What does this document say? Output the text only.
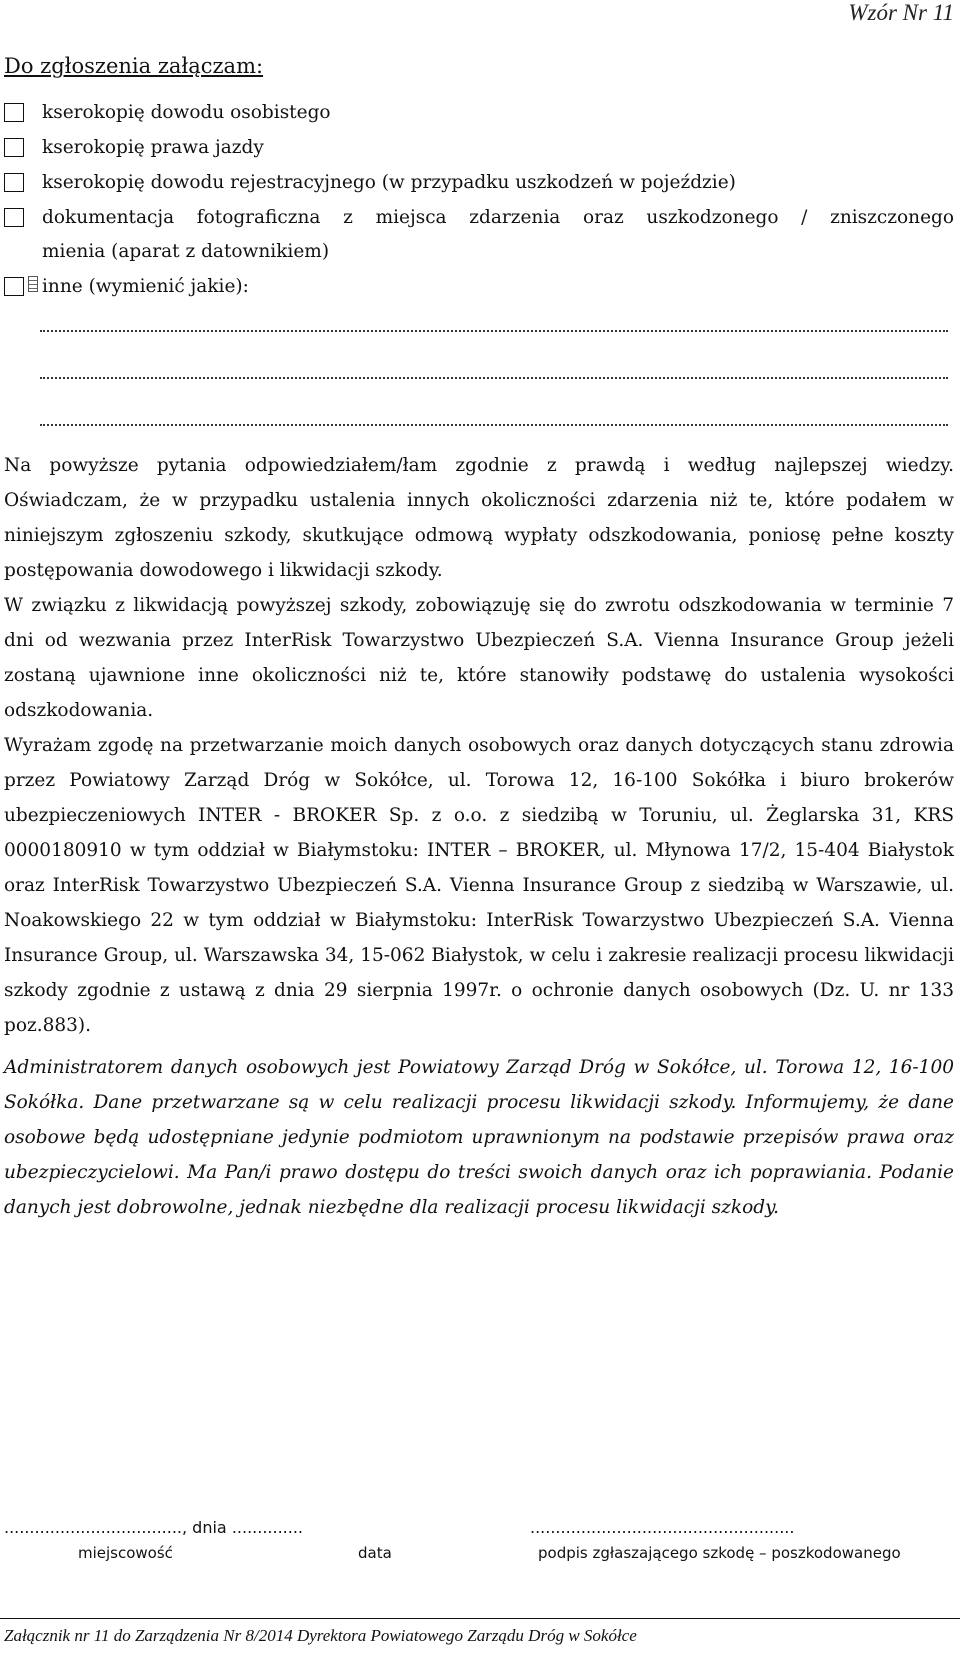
Wzór Nr 11
Do zgłoszenia załączam:
kserokopię dowodu osobistego
kserokopię prawa jazdy
kserokopię dowodu rejestracyjnego (w przypadku uszkodzeń w pojeździe)
dokumentacja fotograficzna z miejsca zdarzenia oraz uszkodzonego / zniszczonego
mienia (aparat z datownikiem)
inne (wymienić jakie):

Na powyższe pytania odpowiedziałem/łam zgodnie z prawdą i według najlepszej wiedzy. Oświadczam, że w przypadku ustalenia innych okoliczności zdarzenia niż te, które podałem w niniejszym zgłoszeniu szkody, skutkujące odmową wypłaty odszkodowania, poniosę pełne koszty postępowania dowodowego i likwidacji szkody.

W związku z likwidacją powyższej szkody, zobowiązuję się do zwrotu odszkodowania w terminie 7 dni od wezwania przez InterRisk Towarzystwo Ubezpieczeń S.A. Vienna Insurance Group jeżeli zostaną ujawnione inne okoliczności niż te, które stanowiły podstawę do ustalenia wysokości odszkodowania.

Wyrażam zgodę na przetwarzanie moich danych osobowych oraz danych dotyczących stanu zdrowia przez Powiatowy Zarząd Dróg w Sokółce, ul. Torowa 12, 16-100 Sokółka i biuro brokerów ubezpieczeniowych INTER - BROKER Sp. z o.o. z siedzibą w Toruniu, ul. Żeglarska 31, KRS 0000180910 w tym oddział w Białymstoku: INTER – BROKER, ul. Młynowa 17/2, 15-404 Białystok oraz InterRisk Towarzystwo Ubezpieczeń S.A. Vienna Insurance Group z siedzibą w Warszawie, ul. Noakowskiego 22 w tym oddział w Białymstoku: InterRisk Towarzystwo Ubezpieczeń S.A. Vienna Insurance Group, ul. Warszawska 34, 15-062 Białystok, w celu i zakresie realizacji procesu likwidacji szkody zgodnie z ustawą z dnia 29 sierpnia 1997r. o ochronie danych osobowych (Dz. U. nr 133 poz.883).

Administratorem danych osobowych jest Powiatowy Zarząd Dróg w Sokółce, ul. Torowa 12, 16-100 Sokółka. Dane przetwarzane są w celu realizacji procesu likwidacji szkody. Informujemy, że dane osobowe będą udostępniane jedynie podmiotom uprawnionym na podstawie przepisów prawa oraz ubezpieczycielowi. Ma Pan/i prawo dostępu do treści swoich danych oraz ich poprawiania. Podanie danych jest dobrowolne, jednak niezbędne dla realizacji procesu likwidacji szkody.

..................................., dnia ..............	....................................................
miejscowość	data	podpis zgłaszającego szkodę – poszkodowanego
Załącznik nr 11 do Zarządzenia Nr 8/2014 Dyrektora Powiatowego Zarządu Dróg w Sokółce
